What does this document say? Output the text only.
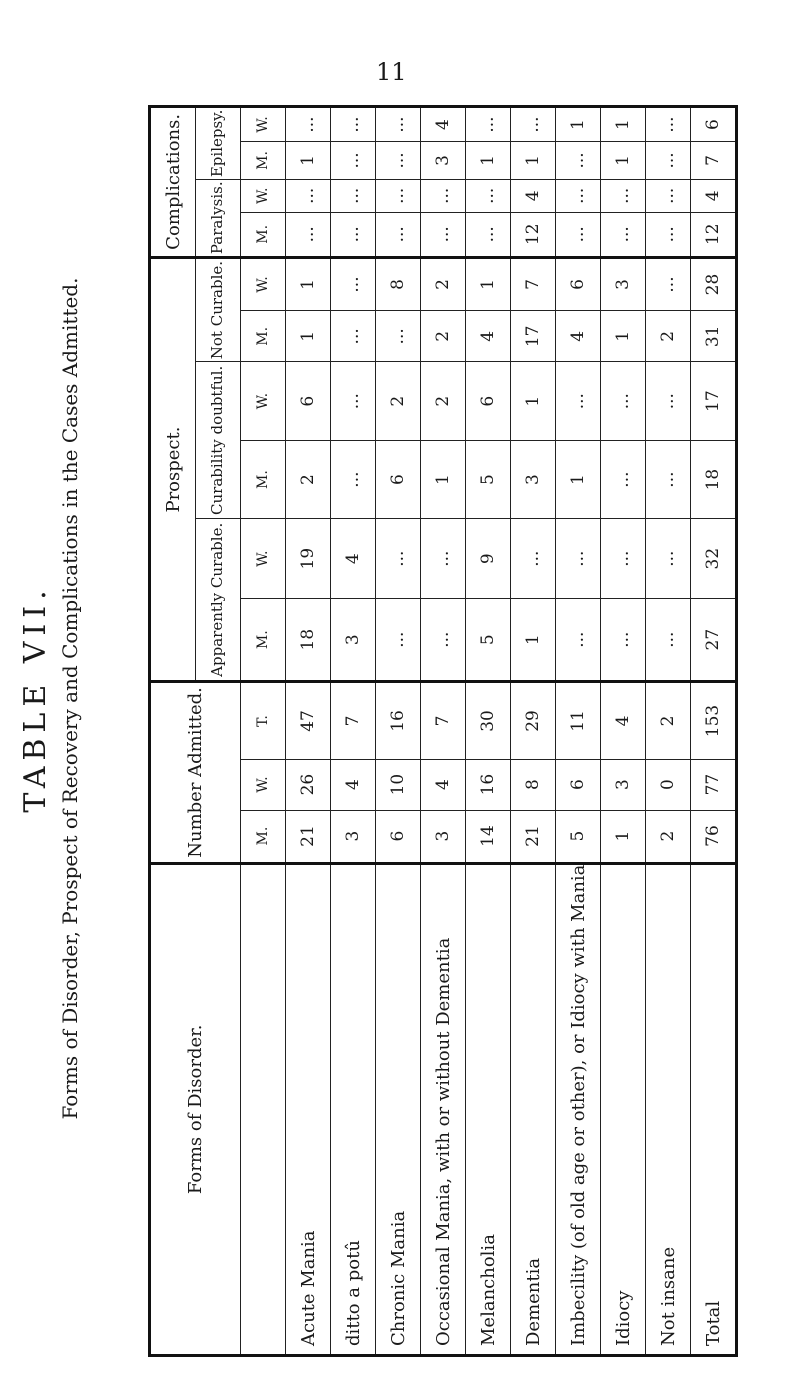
11
TABLE VII. Forms of Disorder, Prospect of Recovery and Complications in the Cases Admitted.	Forms of Disorder.	Number Admitted.			Prospect.						Complications.			
				Apparently Curable.		Curability doubtful.		Not Curable.		Paralysis.		Epilepsy.	
	M.	W.	T.	M.	W.	M.	W.	M.	W.	M.	W.	M.	W.
Acute Mania	21	26	47	18	19	2	6	1	1	...	...	1	...
ditto a potû	3	4	7	3	4	...	...	...	...	...	...	...	...
Chronic Mania	6	10	16	...	...	6	2	...	8	...	...	...	...
Occasional Mania, with or without Dementia	3	4	7	...	...	1	2	2	2	...	...	3	4
Melancholia	14	16	30	5	9	5	6	4	1	...	...	1	...
Dementia	21	8	29	1	...	3	1	17	7	12	4	1	...
Imbecility (of old age or other), or Idiocy with Mania	5	6	11	...	...	1	...	4	6	...	...	...	1
Idiocy	1	3	4	...	...	...	...	1	3	...	...	1	1
Not insane	2	0	2	...	...	...	...	2	...	...	...	...	...
Total	76	77	153	27	32	18	17	31	28	12	4	7	6
